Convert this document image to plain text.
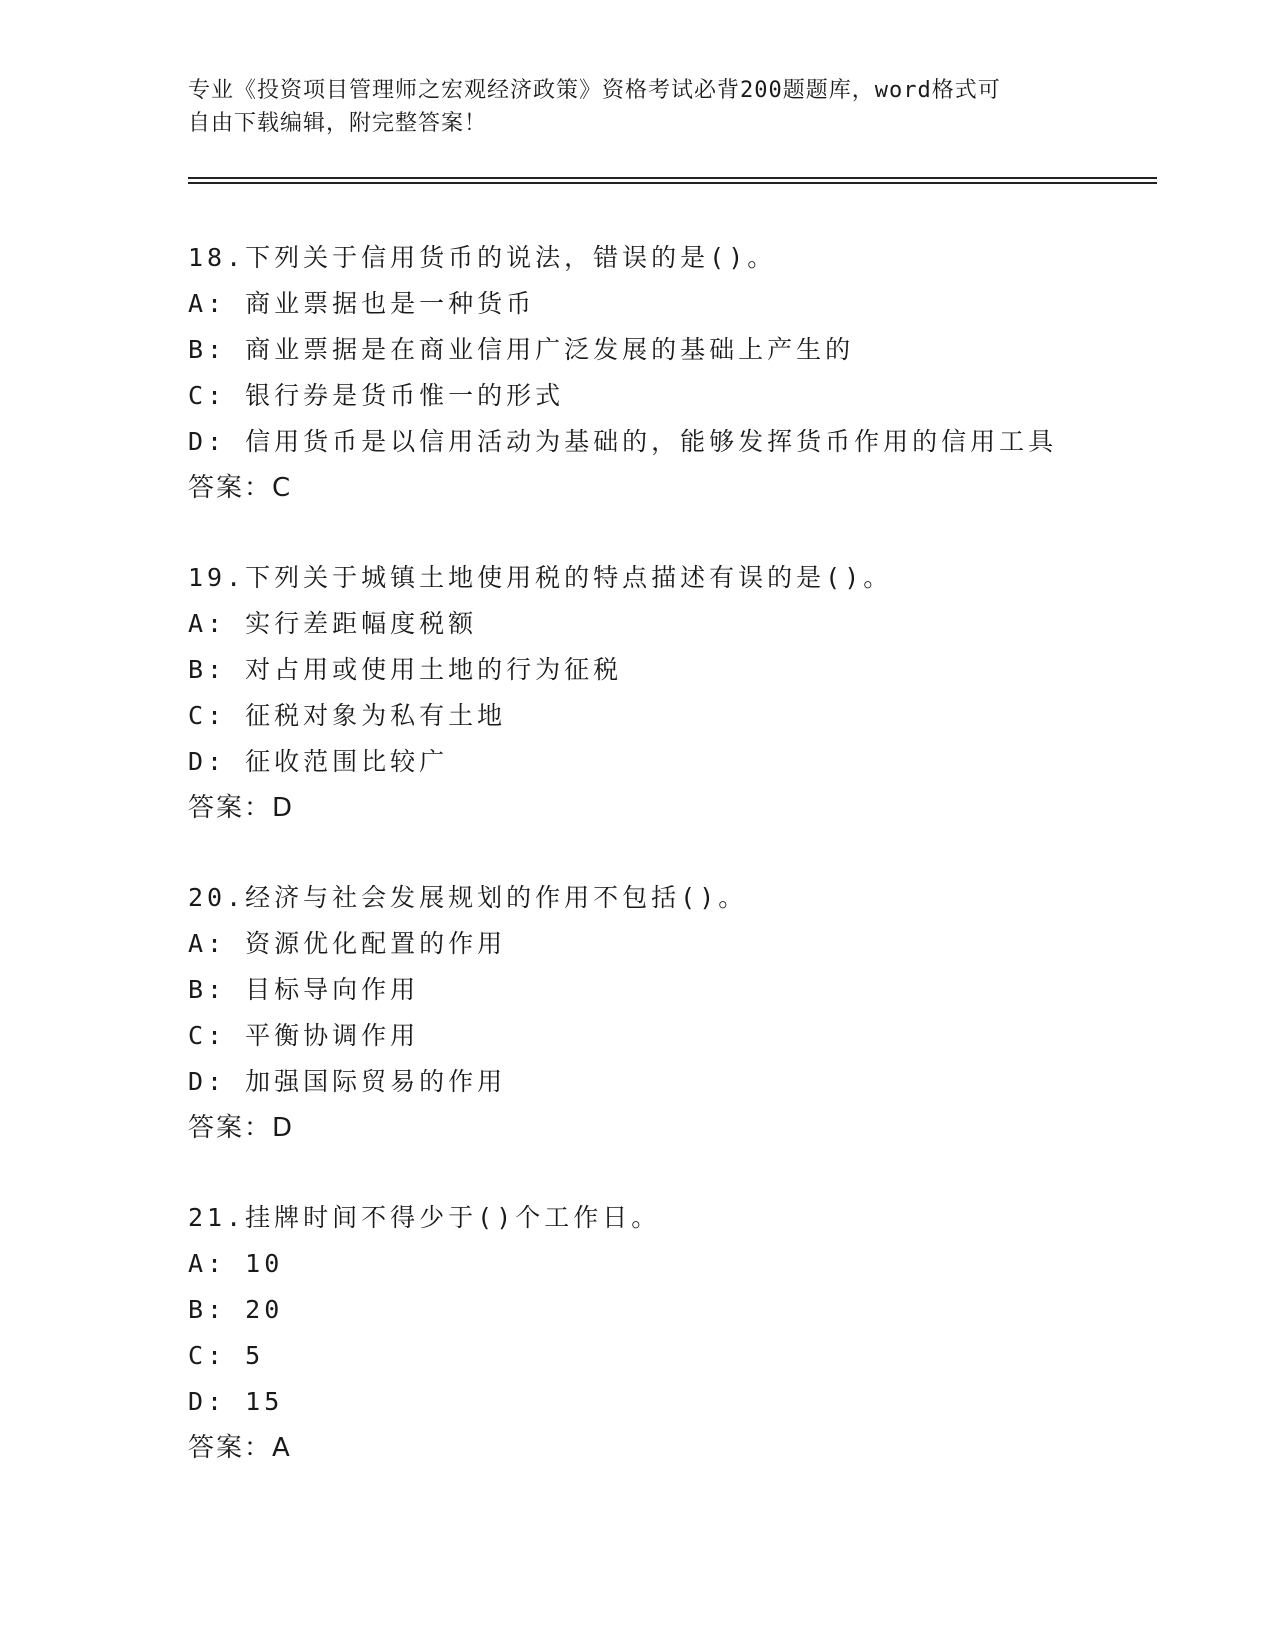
专业《投资项目管理师之宏观经济政策》资格考试必背200题题库，word格式可
自由下载编辑，附完整答案！
18.下列关于信用货币的说法，错误的是()。
A: 商业票据也是一种货币
B: 商业票据是在商业信用广泛发展的基础上产生的
C: 银行券是货币惟一的形式
D: 信用货币是以信用活动为基础的，能够发挥货币作用的信用工具
答案：C
19.下列关于城镇土地使用税的特点描述有误的是()。
A: 实行差距幅度税额
B: 对占用或使用土地的行为征税
C: 征税对象为私有土地
D: 征收范围比较广
答案：D
20.经济与社会发展规划的作用不包括()。
A: 资源优化配置的作用
B: 目标导向作用
C: 平衡协调作用
D: 加强国际贸易的作用
答案：D
21.挂牌时间不得少于()个工作日。
A: 10
B: 20
C: 5
D: 15
答案：A
